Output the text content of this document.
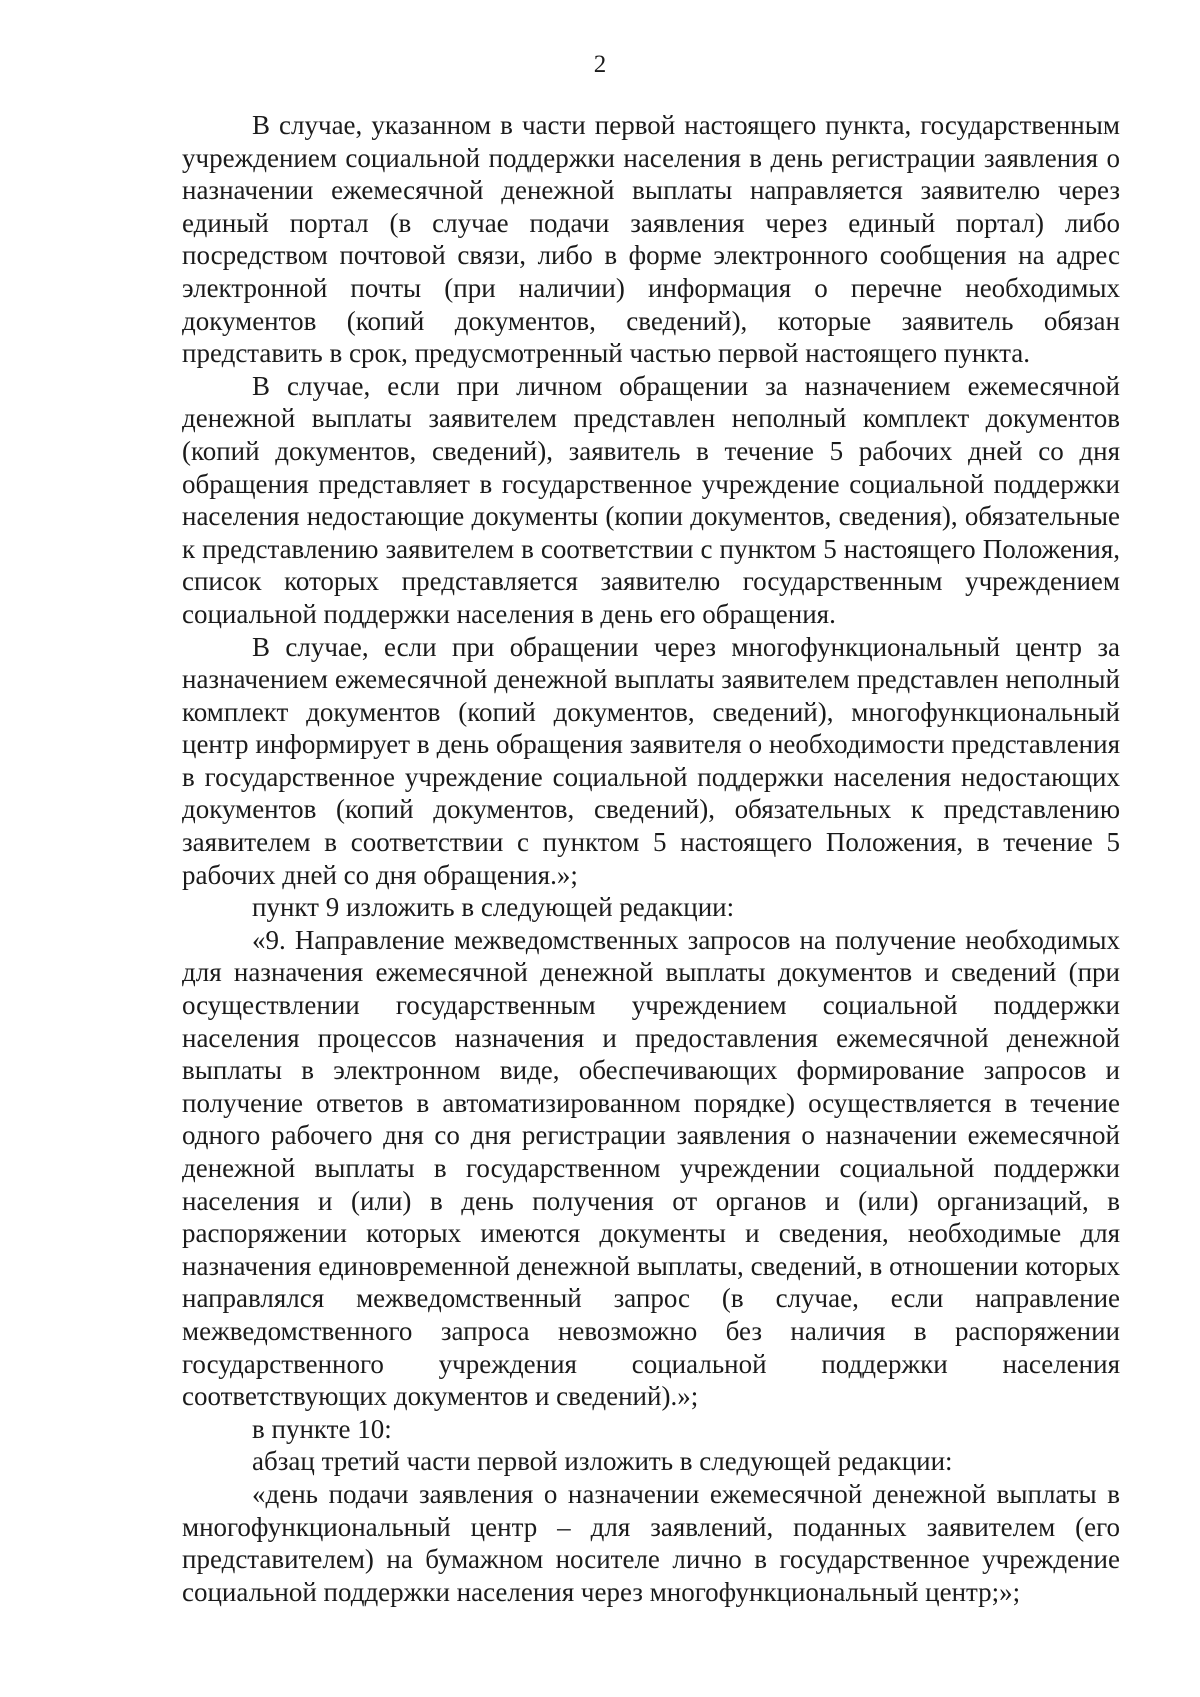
2

В случае, указанном в части первой настоящего пункта, государственным учреждением социальной поддержки населения в день регистрации заявления о назначении ежемесячной денежной выплаты направляется заявителю через единый портал (в случае подачи заявления через единый портал) либо посредством почтовой связи, либо в форме электронного сообщения на адрес электронной почты (при наличии) информация о перечне необходимых документов (копий документов, сведений), которые заявитель обязан представить в срок, предусмотренный частью первой настоящего пункта.

В случае, если при личном обращении за назначением ежемесячной денежной выплаты заявителем представлен неполный комплект документов (копий документов, сведений), заявитель в течение 5 рабочих дней со дня обращения представляет в государственное учреждение социальной поддержки населения недостающие документы (копии документов, сведения), обязательные к представлению заявителем в соответствии с пунктом 5 настоящего Положения, список которых представляется заявителю государственным учреждением социальной поддержки населения в день его обращения.

В случае, если при обращении через многофункциональный центр за назначением ежемесячной денежной выплаты заявителем представлен неполный комплект документов (копий документов, сведений), многофункциональный центр информирует в день обращения заявителя о необходимости представления в государственное учреждение социальной поддержки населения недостающих документов (копий документов, сведений), обязательных к представлению заявителем в соответствии с пунктом 5 настоящего Положения, в течение 5 рабочих дней со дня обращения.»;

пункт 9 изложить в следующей редакции:

«9. Направление межведомственных запросов на получение необходимых для назначения ежемесячной денежной выплаты документов и сведений (при осуществлении государственным учреждением социальной поддержки населения процессов назначения и предоставления ежемесячной денежной выплаты в электронном виде, обеспечивающих формирование запросов и получение ответов в автоматизированном порядке) осуществляется в течение одного рабочего дня со дня регистрации заявления о назначении ежемесячной денежной выплаты в государственном учреждении социальной поддержки населения и (или) в день получения от органов и (или) организаций, в распоряжении которых имеются документы и сведения, необходимые для назначения единовременной денежной выплаты, сведений, в отношении которых направлялся межведомственный запрос (в случае, если направление межведомственного запроса невозможно без наличия в распоряжении государственного учреждения социальной поддержки населения соответствующих документов и сведений).»;

в пункте 10:

абзац третий части первой изложить в следующей редакции:

«день подачи заявления о назначении ежемесячной денежной выплаты в многофункциональный центр – для заявлений, поданных заявителем (его представителем) на бумажном носителе лично в государственное учреждение социальной поддержки населения через многофункциональный центр;»;
